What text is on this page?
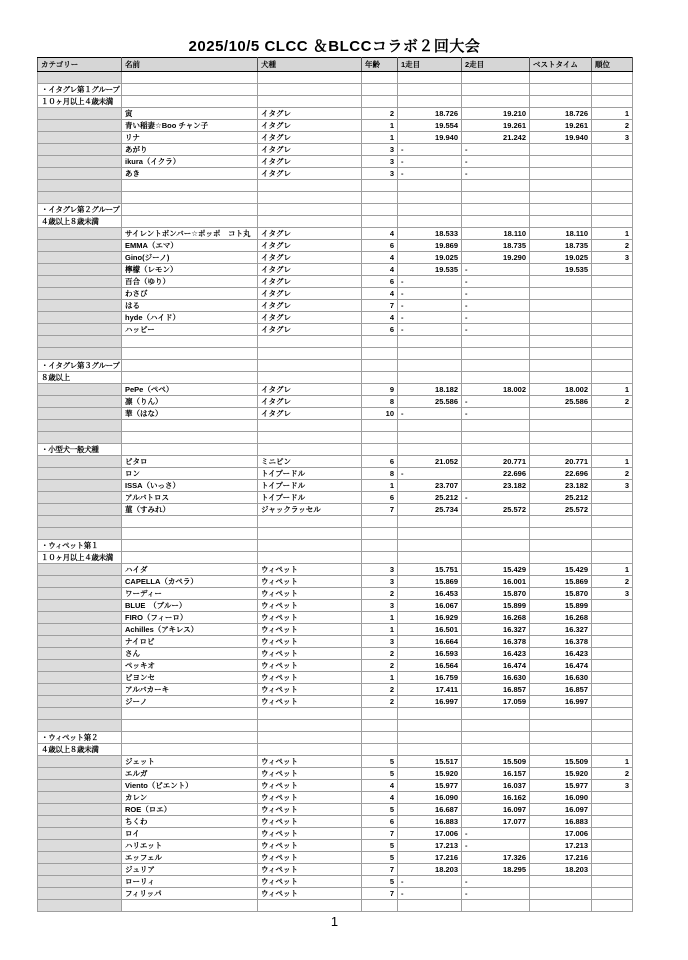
2025/10/5 CLCC ＆BLCCコラボ２回大会
カテゴリー	名前	犬種	年齢	1走目	2走目	ベストタイム	順位

・イタグレ第１グループ							
１０ヶ月以上４歳未満							
	寅	イタグレ	2	18.726	19.210	18.726	1
	青い稲妻☆Boo チャン子	イタグレ	1	19.554	19.261	19.261	2
	リナ	イタグレ	1	19.940	21.242	19.940	3
	あがり	イタグレ	3	-	-		
	ikura（イクラ）	イタグレ	3	-	-		
	あき	イタグレ	3	-	-		

・イタグレ第２グループ							
４歳以上８歳未満							
	サイレントボンバー☆ポッポ　コト丸	イタグレ	4	18.533	18.110	18.110	1
	EMMA（エマ）	イタグレ	6	19.869	18.735	18.735	2
	Gino(ジーノ)	イタグレ	4	19.025	19.290	19.025	3
	檸檬（レモン）	イタグレ	4	19.535	-	19.535	
	百合（ゆり）	イタグレ	6	-	-		
	わさび	イタグレ	4	-	-		
	はる	イタグレ	7	-	-		
	hyde（ハイド）	イタグレ	4	-	-		
	ハッピー	イタグレ	6	-	-		

・イタグレ第３グループ							
８歳以上							
	PePe（ペペ）	イタグレ	9	18.182	18.002	18.002	1
	凛（りん）	イタグレ	8	25.586	-	25.586	2
	華（はな）	イタグレ	10	-	-		

・小型犬一般犬種							
	ビタロ	ミニピン	6	21.052	20.771	20.771	1
	ロン	トイプードル	8	-	22.696	22.696	2
	ISSA（いっさ）	トイプードル	1	23.707	23.182	23.182	3
	アルバトロス	トイプードル	6	25.212	-	25.212	
	菫（すみれ）	ジャックラッセル	7	25.734	25.572	25.572	

・ウィペット第１							
１０ヶ月以上４歳未満							
	ハイダ	ウィペット	3	15.751	15.429	15.429	1
	CAPELLA（カペラ）	ウィペット	3	15.869	16.001	15.869	2
	ワーディー	ウィペット	2	16.453	15.870	15.870	3
	BLUE　（ブルー）	ウィペット	3	16.067	15.899	15.899	
	FIRO（フィーロ）	ウィペット	1	16.929	16.268	16.268	
	Achilles（アキレス）	ウィペット	1	16.501	16.327	16.327	
	ナイロビ	ウィペット	3	16.664	16.378	16.378	
	さん	ウィペット	2	16.593	16.423	16.423	
	ペッキオ	ウィペット	2	16.564	16.474	16.474	
	ビヨンセ	ウィペット	1	16.759	16.630	16.630	
	アルバカーキ	ウィペット	2	17.411	16.857	16.857	
	ジーノ	ウィペット	2	16.997	17.059	16.997	

・ウィペット第２							
４歳以上８歳未満							
	ジェット	ウィペット	5	15.517	15.509	15.509	1
	エルガ	ウィペット	5	15.920	16.157	15.920	2
	Viento（ビエント）	ウィペット	4	15.977	16.037	15.977	3
	カレン	ウィペット	4	16.090	16.162	16.090	
	ROE（ロエ）	ウィペット	5	16.687	16.097	16.097	
	ちくわ	ウィペット	6	16.883	17.077	16.883	
	ロイ	ウィペット	7	17.006	-	17.006	
	ハリエット	ウィペット	5	17.213	-	17.213	
	エッフェル	ウィペット	5	17.216	17.326	17.216	
	ジュリア	ウィペット	7	18.203	18.295	18.203	
	ローリィ	ウィペット	5	-	-		
	フィリッパ	ウィペット	7	-	-		

1
